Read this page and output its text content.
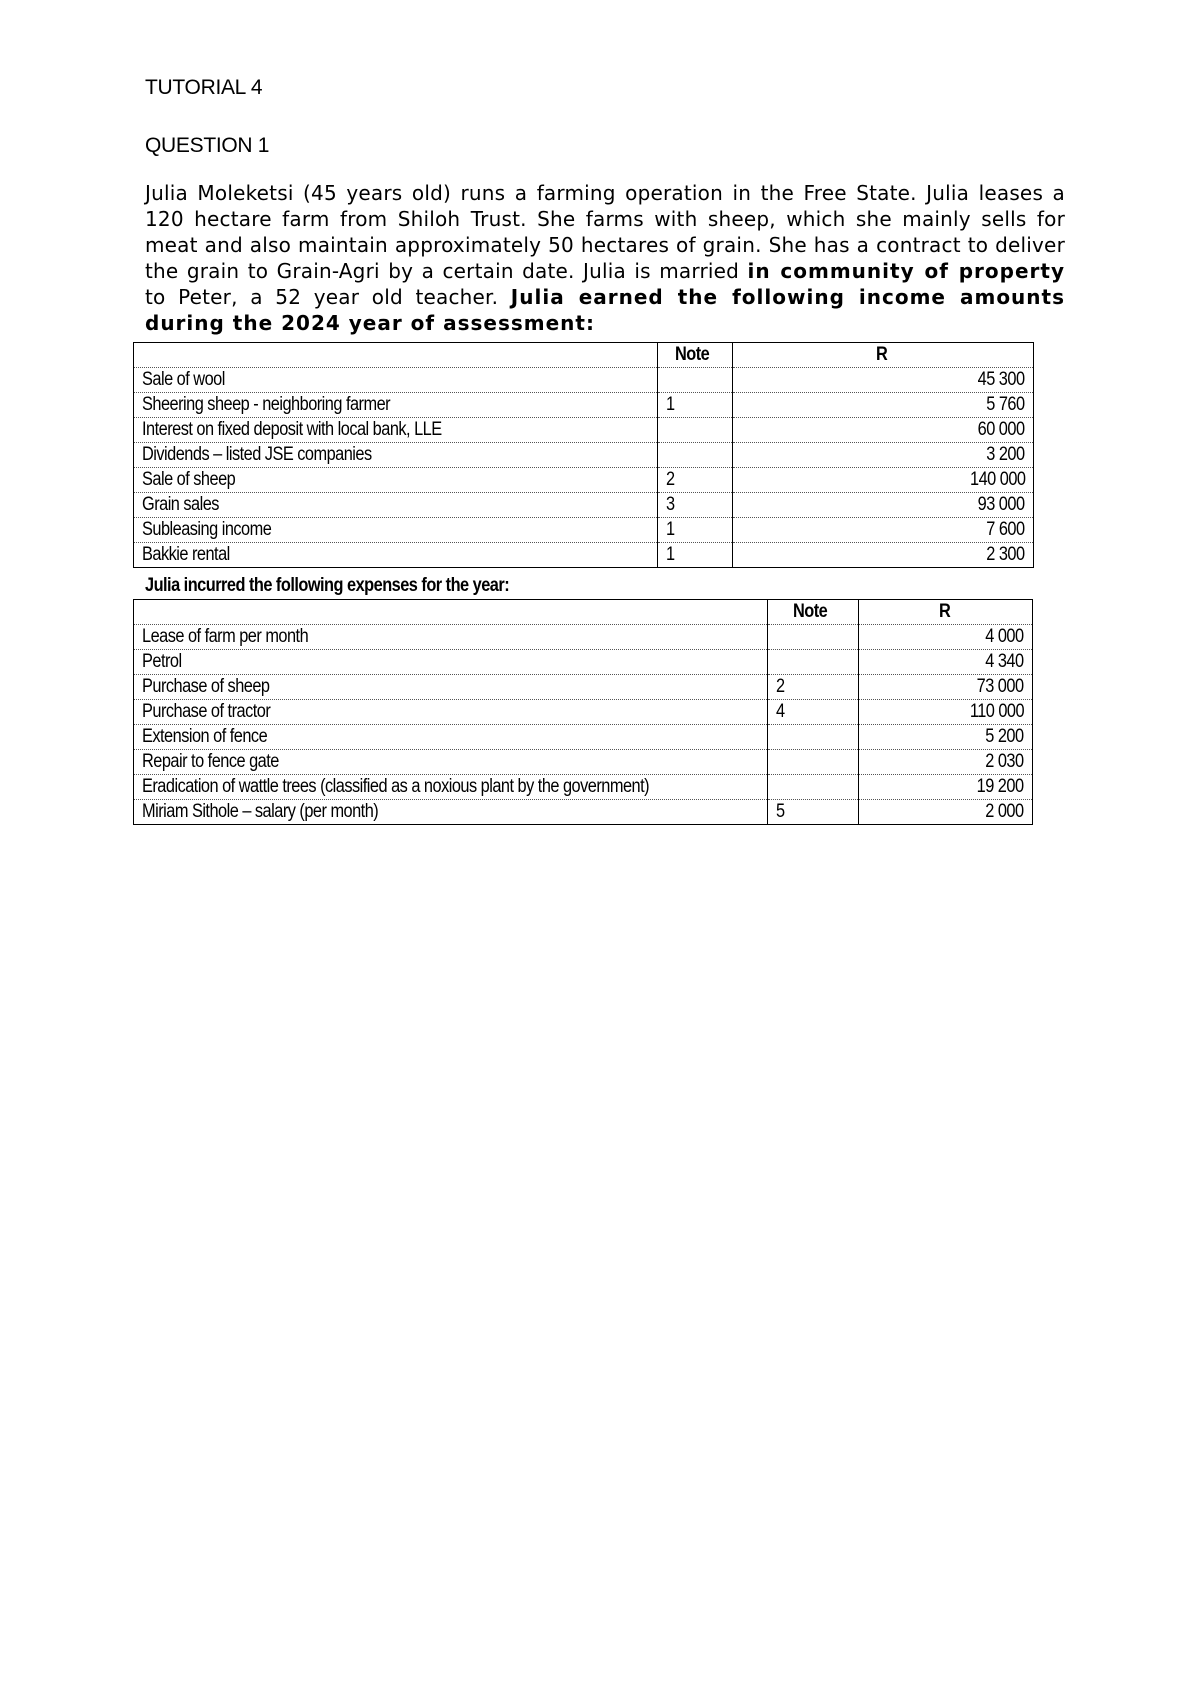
TUTORIAL 4
QUESTION 1

Julia Moleketsi (45 years old) runs a farming operation in the Free State. Julia leases a 120 hectare farm from Shiloh Trust. She farms with sheep, which she mainly sells for meat and also maintain approximately 50 hectares of grain. She has a contract to deliver the grain to Grain-Agri by a certain date. Julia is married in community of property to Peter, a 52 year old teacher. Julia earned the following income amounts during the 2024 year of assessment:

	Note	R
Sale of wool		45 300
Sheering sheep - neighboring farmer	1	5 760
Interest on fixed deposit with local bank, LLE		60 000
Dividends – listed JSE companies		3 200
Sale of sheep	2	140 000
Grain sales	3	93 000
Subleasing income	1	7 600
Bakkie rental	1	2 300

Julia incurred the following expenses for the year:

	Note	R
Lease of farm per month		4 000
Petrol		4 340
Purchase of sheep	2	73 000
Purchase of tractor	4	110 000
Extension of fence		5 200
Repair to fence gate		2 030
Eradication of wattle trees (classified as a noxious plant by the government)		19 200
Miriam Sithole – salary (per month)	5	2 000
